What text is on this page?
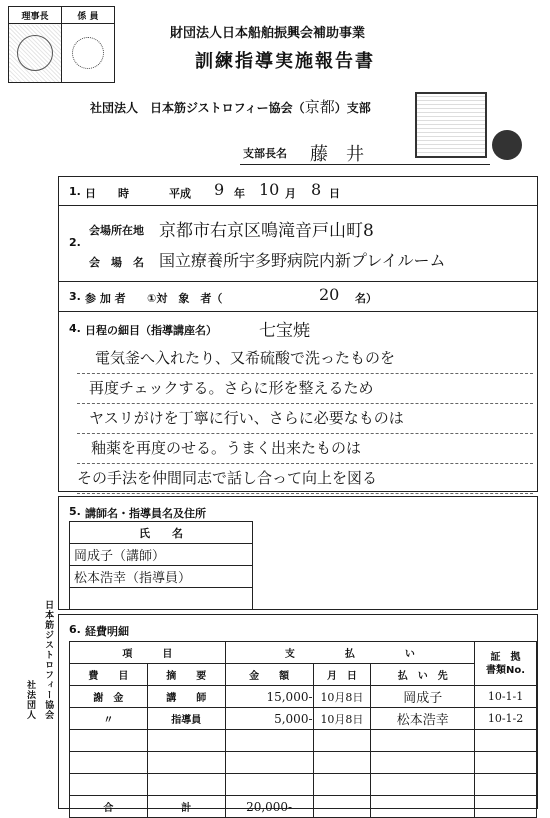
理事長	係 員

財団法人日本船舶振興会補助事業
訓練指導実施報告書
社団法人　日本筋ジストロフィー協会（京都）支部
支部長名 藤　井
1. 日　　時	平成 9 年 10 月 8 日
2.
会場所在地 京都市右京区鳴滝音戸山町8
会　場　名 国立療養所宇多野病院内新プレイルーム
3. 参 加 者 ①対　象　者（	20 名）
4. 日程の細目（指導講座名） 七宝焼
電気釜へ入れたり、又希硫酸で洗ったものを
再度チェックする。さらに形を整えるため
ヤスリがけを丁寧に行い、さらに必要なものは
釉薬を再度のせる。うまく出来たものは
その手法を仲間同志で話し合って向上を図る
5. 講師名・指導員名及住所
氏　　名
岡成子（講師）
松本浩幸（指導員）

6. 経費明細
項　　　目		支　　　　　払　　　　　い			証　拠
書類No.

費　　目	摘　　要	金　　額	月　日	払　い　先	
謝　金	講　　師	15,000-	10月8日	岡成子	10-1-1
〃	指導員	5,000-	10月8日	松本浩幸	10-1-2

合	計	20,000-			
社法団人 日本筋ジストロフィー協会
